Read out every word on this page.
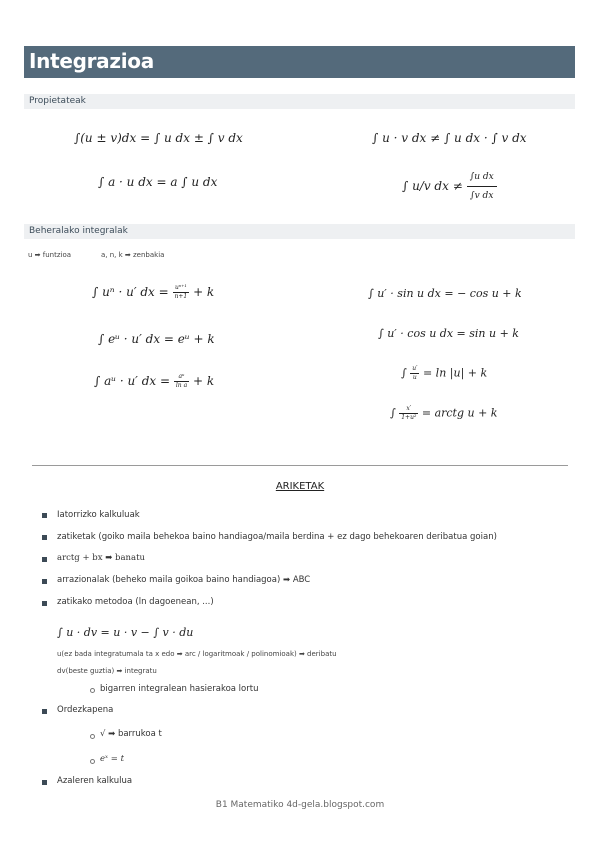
Integrazioa
Propietateak
∫(u ± v)dx = ∫ u dx ± ∫ v dx	∫ u · v dx ≠ ∫ u dx · ∫ v dx
∫ a · u dx = a ∫ u dx	∫ u/v dx ≠ $\frac{\text{∫u dx}}{\text{∫v dx}}$
Beheralako integralak
u ➡ funtzioa	a, n, k ➡ zenbakia
∫ uⁿ · u′ dx = $\frac{\text{uⁿ⁺¹}}{n+1} + k$
∫ eᵘ · u′ dx = eᵘ + k
∫ aᵘ · u′ dx = $\frac{\text{aᵘ}}{\text{ln a}} + k$
∫ u′ · sin u dx = − cos u + k
∫ u′ · cos u dx = sin u + k
∫ $\frac{u'}{u} = \ln |u| + k$
∫ $\frac{x'}{\text{1+u²}}$ = arctg u + k
ARIKETAK
Iatorrizko kalkuluak
zatiketak (goiko maila behekoa baino handiagoa/maila berdina + ez dago behekoaren deribatua goian)
arctg + bx ➡ banatu
arrazionalak (beheko maila goikoa baino handiagoa) ➡ ABC
zatikako metodoa (ln dagoenean, ...)
∫ u · dv = u · v − ∫ v · du
u(ez bada integratumala ta x edo ➡ arc / logaritmoak / polinomioak) ➡ deribatu
dv(beste guztia) ➡ integratu
bigarren integralean hasierakoa lortu
Ordezkapena
√ ➡ barrukoa t
eˣ = t
Azaleren kalkulua
B1 Matematiko 4d-gela.blogspot.com
